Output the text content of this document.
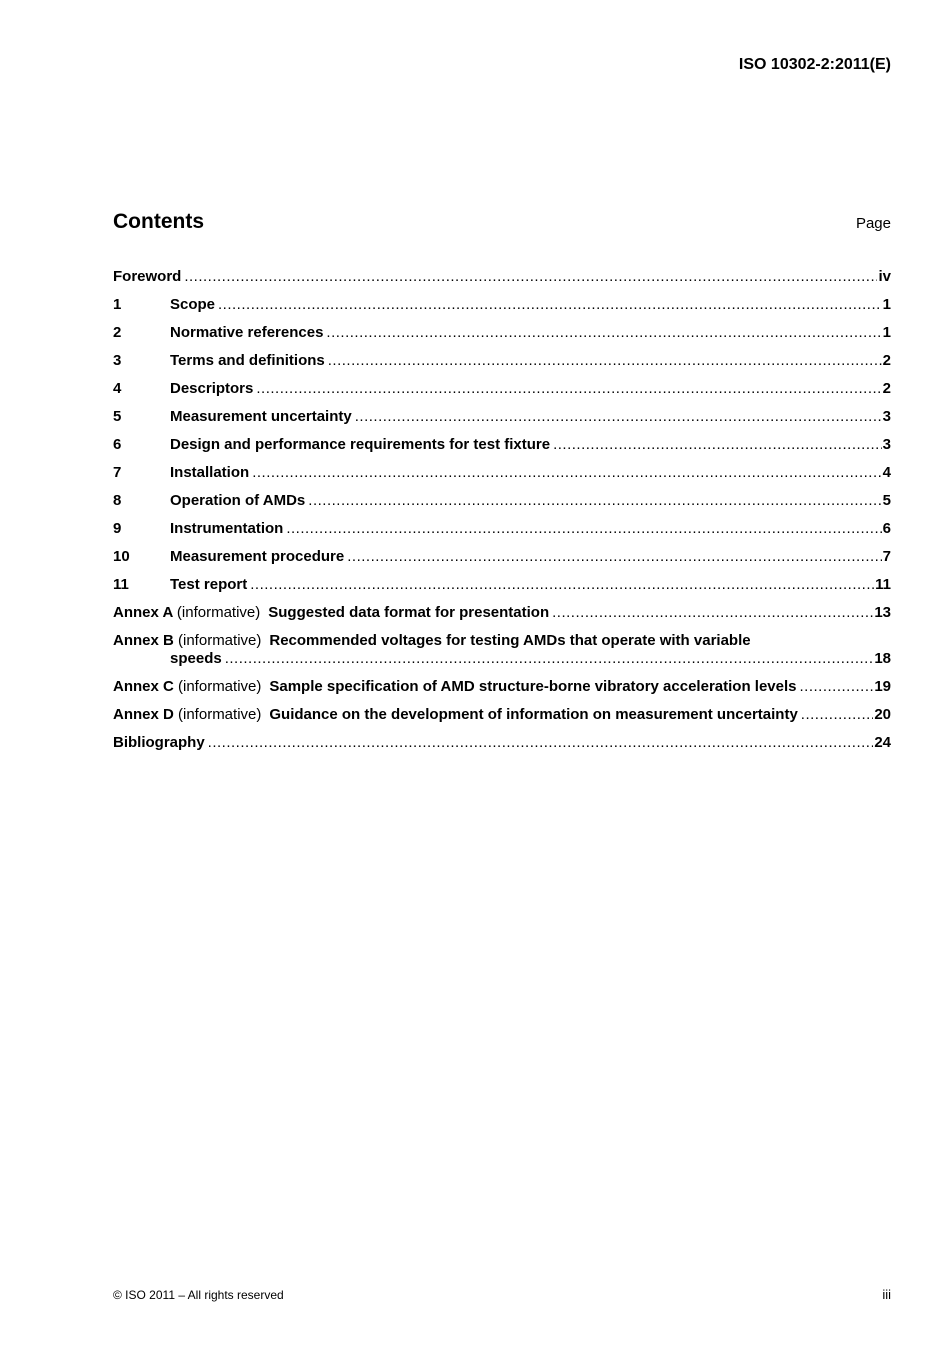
ISO 10302-2:2011(E)
Contents	Page
Foreword .....	iv
1	Scope .....	1
2	Normative references .....	1
3	Terms and definitions .....	2
4	Descriptors .....	2
5	Measurement uncertainty .....	3
6	Design and performance requirements for test fixture .....	3
7	Installation .....	4
8	Operation of AMDs .....	5
9	Instrumentation .....	6
10	Measurement procedure .....	7
11	Test report .....	11
Annex A (informative) Suggested data format for presentation .....	13
Annex B (informative) Recommended voltages for testing AMDs that operate with variable
speeds .....	18
Annex C (informative) Sample specification of AMD structure-borne vibratory acceleration levels .....	19
Annex D (informative) Guidance on the development of information on measurement uncertainty .....	20
Bibliography .....	24
© ISO 2011 – All rights reserved	iii
